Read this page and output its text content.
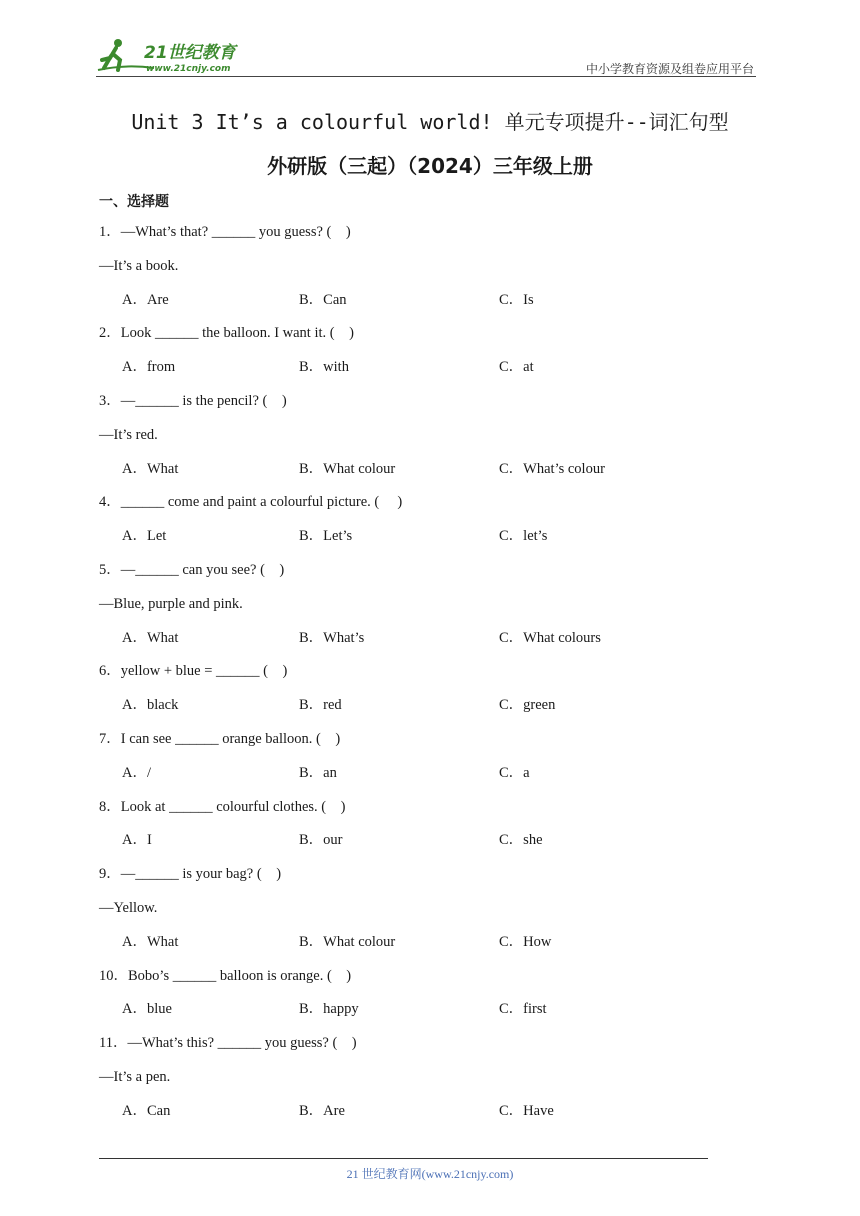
21世纪教育
www.21cnjy.com	中小学教育资源及组卷应用平台
Unit 3 It’s a colourful world! 单元专项提升--词汇句型
外研版（三起）（2024）三年级上册
一、选择题
1．—What’s that? ______ you guess? (　)
—It’s a book.
A．Are	B．Can	C．Is
2．Look ______ the balloon. I want it. (　)
A．from	B．with	C．at
3．—______ is the pencil? (　)
—It’s red.
A．What	B．What colour	C．What’s colour
4．______ come and paint a colourful picture. (　 )
A．Let	B．Let’s	C．let’s
5．—______ can you see? (　)
—Blue, purple and pink.
A．What	B．What’s	C．What colours
6．yellow + blue = ______ (　)
A．black	B．red	C．green
7．I can see ______ orange balloon. (　)
A．/	B．an	C．a
8．Look at ______ colourful clothes. (　)
A．I	B．our	C．she
9．—______ is your bag? (　)
—Yellow.
A．What	B．What colour	C．How
10．Bobo’s ______ balloon is orange. (　)
A．blue	B．happy	C．first
11．—What’s this? ______ you guess? (　)
—It’s a pen.
A．Can	B．Are	C．Have
21 世纪教育网(www.21cnjy.com)
